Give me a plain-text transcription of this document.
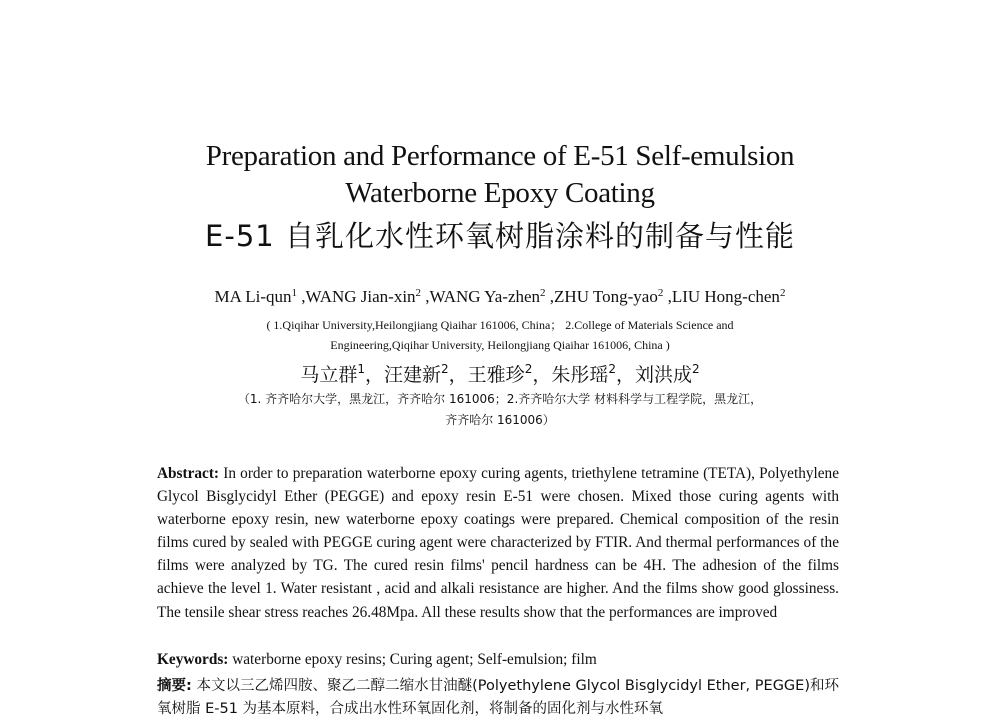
Preparation and Performance of E-51 Self-emulsion
Waterborne Epoxy Coating
E-51 自乳化水性环氧树脂涂料的制备与性能
MA Li-qun$^1$ ,WANG Jian-xin$^2$ ,WANG Ya-zhen$^2$ ,ZHU Tong-yao$^2$ ,LIU Hong-chen$^2$
( 1.Qiqihar University,Heilongjiang Qiaihar 161006, China； 2.College of Materials Science and
Engineering,Qiqihar University, Heilongjiang Qiaihar 161006, China )
马立群$^1$，汪建新$^2$，王雅珍$^2$，朱彤瑶$^2$，刘洪成$^2$
（1. 齐齐哈尔大学，黑龙江，齐齐哈尔 161006；2.齐齐哈尔大学 材料科学与工程学院，黑龙江，
齐齐哈尔 161006）
Abstract: In order to preparation waterborne epoxy curing agents, triethylene tetramine (TETA), Polyethylene Glycol Bisglycidyl Ether (PEGGE) and epoxy resin E-51 were chosen. Mixed those curing agents with waterborne epoxy resin, new waterborne epoxy coatings were prepared. Chemical composition of the resin films cured by sealed with PEGGE curing agent were characterized by FTIR. And thermal performances of the films were analyzed by TG. The cured resin films' pencil hardness can be 4H. The adhesion of the films achieve the level 1. Water resistant , acid and alkali resistance are higher. And the films show good glossiness. The tensile shear stress reaches 26.48Mpa. All these results show that the performances are improved
Keywords: waterborne epoxy resins; Curing agent; Self-emulsion; film
摘要: 本文以三乙烯四胺、聚乙二醇二缩水甘油醚(Polyethylene Glycol Bisglycidyl Ether, PEGGE)和环氧树脂 E-51 为基本原料，合成出水性环氧固化剂，将制备的固化剂与水性环氧
